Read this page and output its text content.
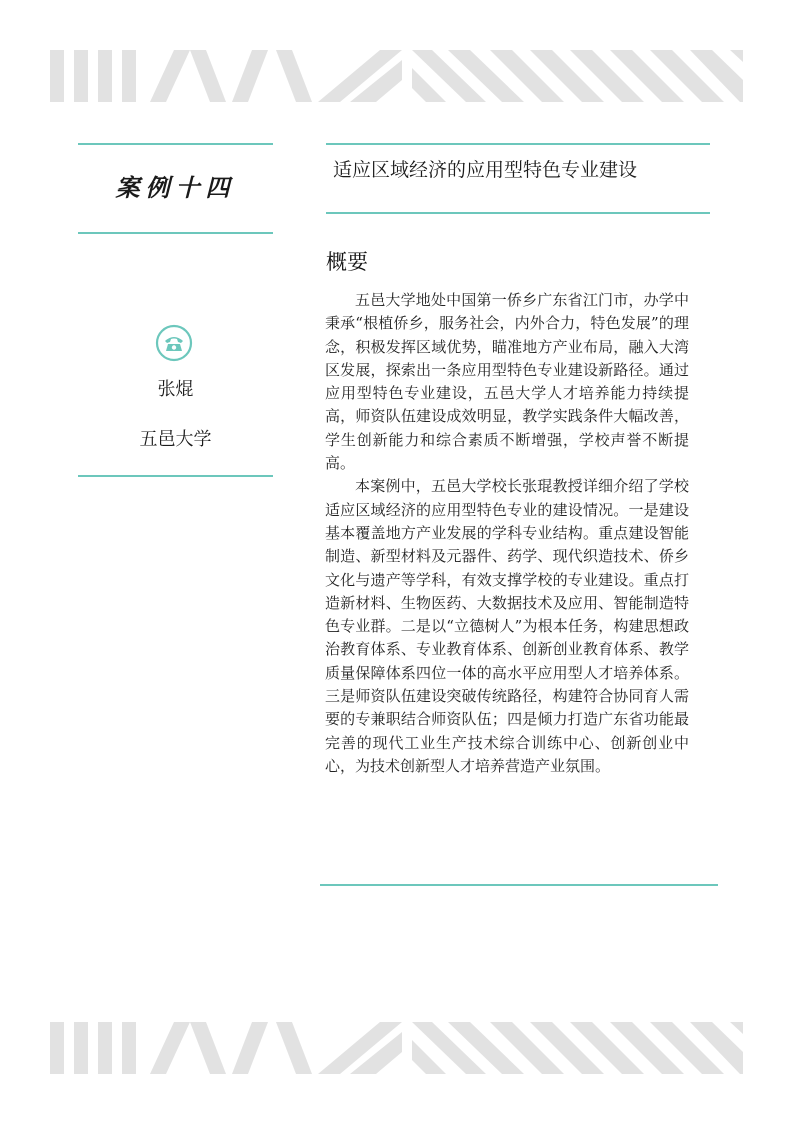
案例十四
张焜
五邑大学
适应区域经济的应用型特色专业建设
概要

五邑大学地处中国第一侨乡广东省江门市，办学中秉承“根植侨乡，服务社会，内外合力，特色发展”的理念，积极发挥区域优势，瞄准地方产业布局，融入大湾区发展，探索出一条应用型特色专业建设新路径。通过应用型特色专业建设，五邑大学人才培养能力持续提高，师资队伍建设成效明显，教学实践条件大幅改善，学生创新能力和综合素质不断增强，学校声誉不断提高。

本案例中，五邑大学校长张琨教授详细介绍了学校适应区域经济的应用型特色专业的建设情况。一是建设基本覆盖地方产业发展的学科专业结构。重点建设智能制造、新型材料及元器件、药学、现代织造技术、侨乡文化与遗产等学科，有效支撑学校的专业建设。重点打造新材料、生物医药、大数据技术及应用、智能制造特色专业群。二是以“立德树人”为根本任务，构建思想政治教育体系、专业教育体系、创新创业教育体系、教学质量保障体系四位一体的高水平应用型人才培养体系。三是师资队伍建设突破传统路径，构建符合协同育人需要的专兼职结合师资队伍；四是倾力打造广东省功能最完善的现代工业生产技术综合训练中心、创新创业中心，为技术创新型人才培养营造产业氛围。
